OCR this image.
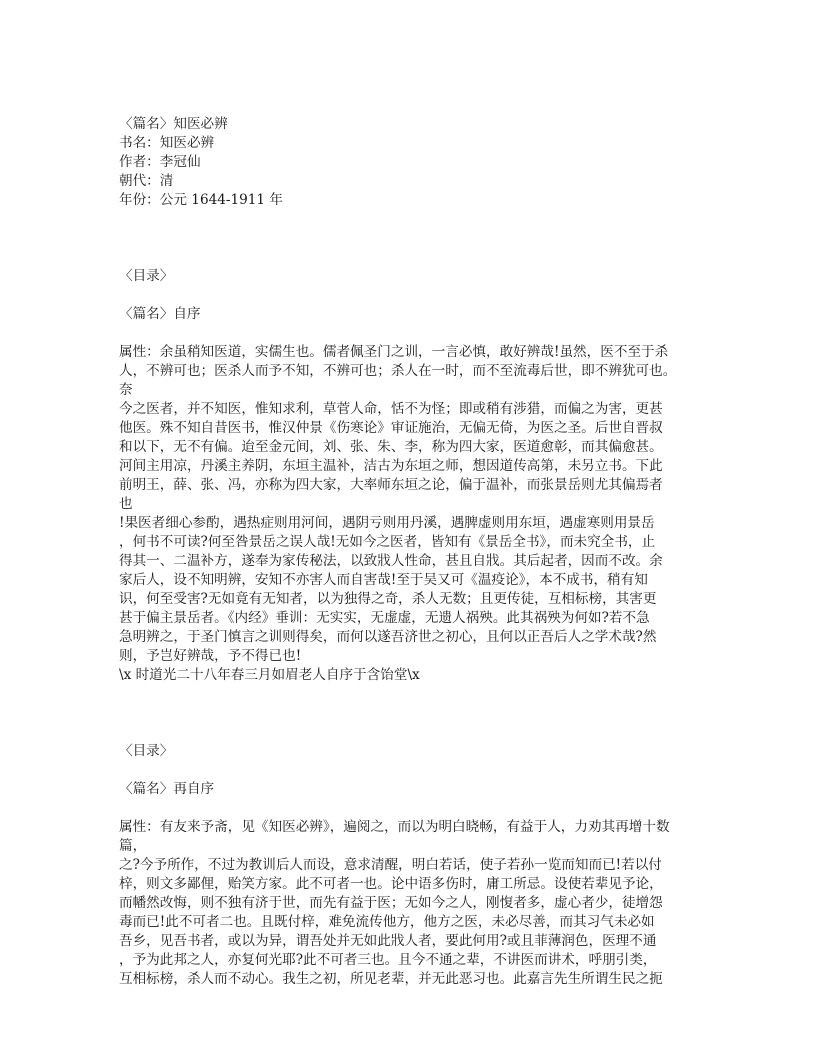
〈篇名〉知医必辨
书名：知医必辨
作者：李冠仙
朝代：清
年份：公元 1644-1911 年
〈目录〉
〈篇名〉自序
属性：余虽稍知医道，实儒生也。儒者佩圣门之训，一言必慎，敢好辨哉!虽然，医不至于杀
人，不辨可也；医杀人而予不知，不辨可也；杀人在一时，而不至流毒后世，即不辨犹可也。
奈
今之医者，并不知医，惟知求利，草菅人命，恬不为怪；即或稍有涉猎，而偏之为害，更甚
他医。殊不知自昔医书，惟汉仲景《伤寒论》审证施治，无偏无倚，为医之圣。后世自晋叔
和以下，无不有偏。迨至金元间，刘、张、朱、李，称为四大家，医道愈彰，而其偏愈甚。
河间主用凉，丹溪主养阴，东垣主温补，洁古为东垣之师，想因道传高第，未另立书。下此
前明王，薛、张、冯，亦称为四大家，大率师东垣之论，偏于温补，而张景岳则尤其偏焉者
也
!果医者细心参酌，遇热症则用河间，遇阴亏则用丹溪，遇脾虚则用东垣，遇虚寒则用景岳
，何书不可读?何至咎景岳之误人哉!无如今之医者，皆知有《景岳全书》，而未究全书，止
得其一、二温补方，遂奉为家传秘法，以致戕人性命，甚且自戕。其后起者，因而不改。余
家后人，设不知明辨，安知不亦害人而自害哉!至于吴又可《温疫论》，本不成书，稍有知
识，何至受害?无如竟有无知者，以为独得之奇，杀人无数；且更传徒，互相标榜，其害更
甚于偏主景岳者。《内经》垂训：无实实，无虚虚，无遗人祸殃。此其祸殃为何如?若不急
急明辨之，于圣门慎言之训则得矣，而何以遂吾济世之初心，且何以正吾后人之学术哉?然
则，予岂好辨哉，予不得已也!
\x 时道光二十八年春三月如眉老人自序于含饴堂\x
〈目录〉
〈篇名〉再自序
属性：有友来予斋，见《知医必辨》，遍阅之，而以为明白晓畅，有益于人，力劝其再增十数
篇，
之?今予所作，不过为教训后人而设，意求清醒，明白若话，使子若孙一览而知而已!若以付
梓，则文多鄙俚，贻笑方家。此不可者一也。论中语多伤时，庸工所忌。设使若辈见予论，
而幡然改悔，则不独有济于世，而先有益于医；无如今之人，刚愎者多，虚心者少，徒增怨
毒而已!此不可者二也。且既付梓，难免流传他方，他方之医，未必尽善，而其习气未必如
吾乡，见吾书者，或以为异，谓吾处并无如此戕人者，要此何用?或且菲薄润色，医理不通
，予为此邦之人，亦复何光耶?此不可者三也。且今不通之辈，不讲医而讲术，呼朋引类，
互相标榜，杀人而不动心。我生之初，所见老辈，并无此恶习也。此嘉言先生所谓生民之扼
